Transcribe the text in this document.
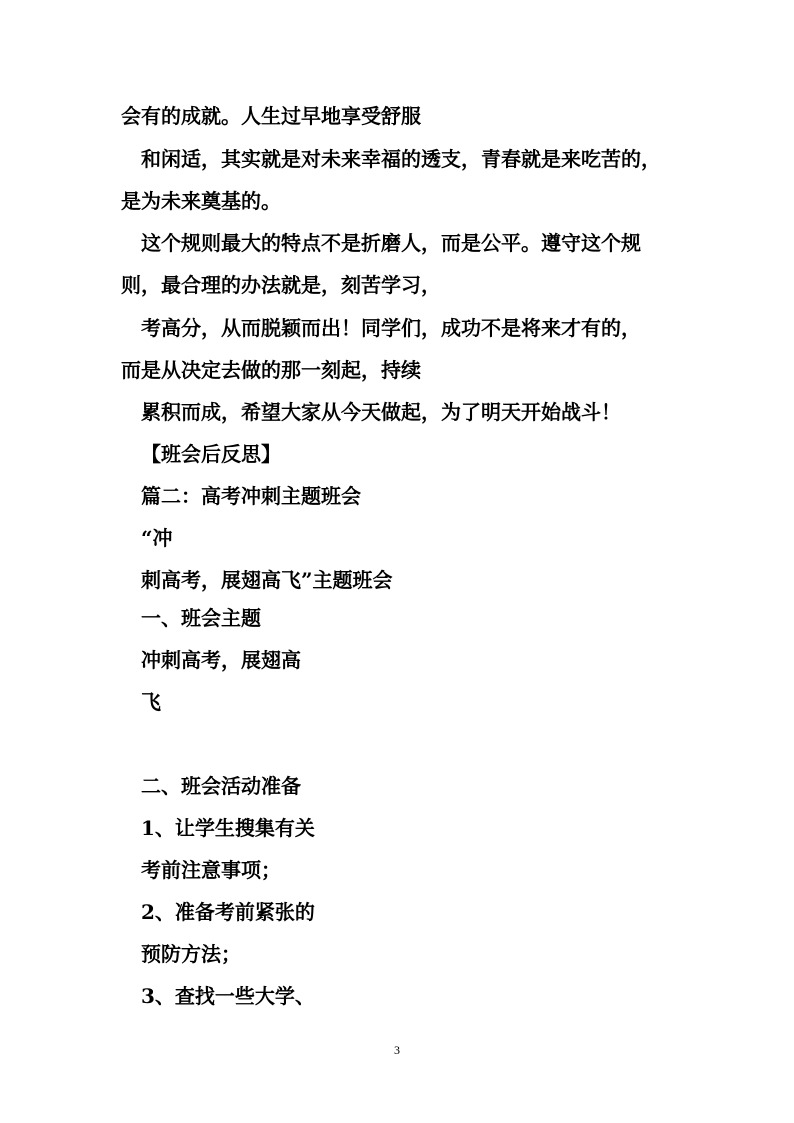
会有的成就。人生过早地享受舒服
和闲适，其实就是对未来幸福的透支，青春就是来吃苦的，
是为未来奠基的。
这个规则最大的特点不是折磨人，而是公平。遵守这个规
则，最合理的办法就是，刻苦学习，
考高分，从而脱颖而出！同学们，成功不是将来才有的，
而是从决定去做的那一刻起，持续
累积而成，希望大家从今天做起，为了明天开始战斗！
【班会后反思】
篇二：高考冲刺主题班会
“冲
刺高考，展翅高飞”主题班会
一、班会主题
冲刺高考，展翅高
飞
二、班会活动准备
1、让学生搜集有关
考前注意事项；
2、准备考前紧张的
预防方法；
3、查找一些大学、
3
